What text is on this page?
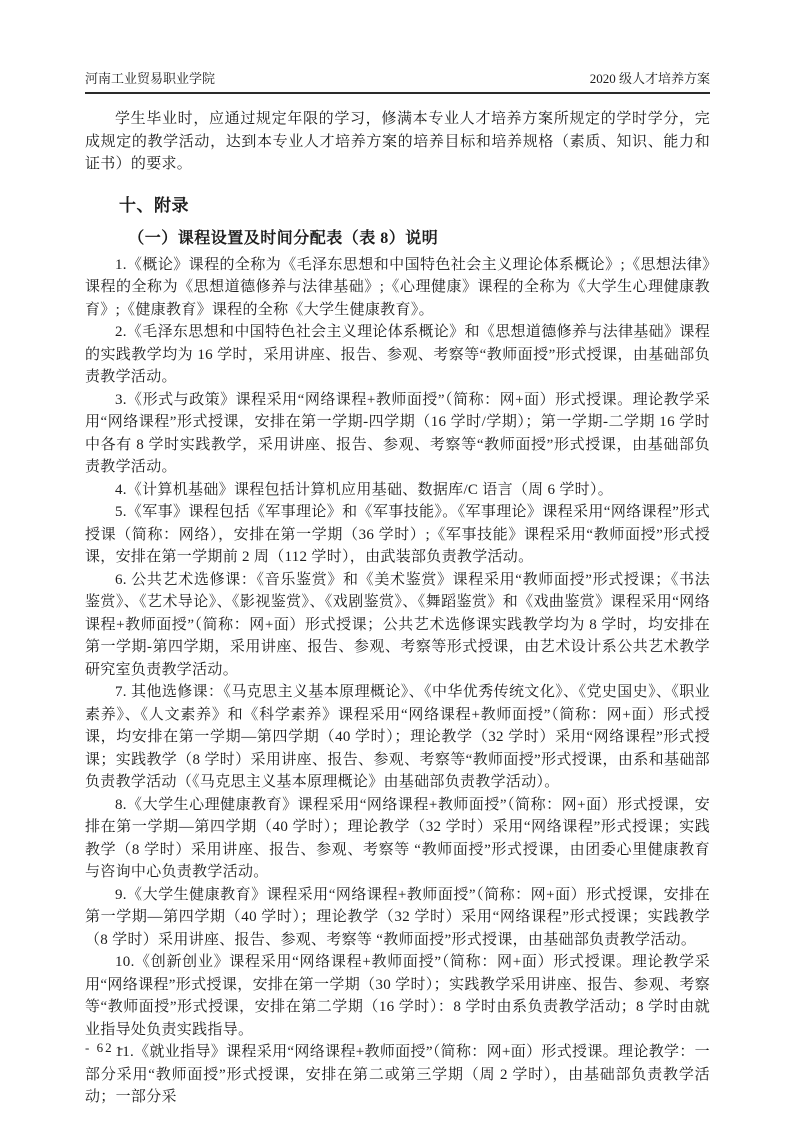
河南工业贸易职业学院	2020 级人才培养方案

学生毕业时，应通过规定年限的学习，修满本专业人才培养方案所规定的学时学分，完成规定的教学活动，达到本专业人才培养方案的培养目标和培养规格（素质、知识、能力和证书）的要求。

十、附录
（一）课程设置及时间分配表（表 8）说明

1.《概论》课程的全称为《毛泽东思想和中国特色社会主义理论体系概论》;《思想法律》课程的全称为《思想道德修养与法律基础》;《心理健康》课程的全称为《大学生心理健康教育》;《健康教育》课程的全称《大学生健康教育》。

2.《毛泽东思想和中国特色社会主义理论体系概论》和《思想道德修养与法律基础》课程的实践教学均为 16 学时，采用讲座、报告、参观、考察等“教师面授”形式授课，由基础部负责教学活动。

3.《形式与政策》课程采用“网络课程+教师面授”（简称：网+面）形式授课。理论教学采用“网络课程”形式授课，安排在第一学期-四学期（16 学时/学期）；第一学期-二学期 16 学时中各有 8 学时实践教学，采用讲座、报告、参观、考察等“教师面授”形式授课，由基础部负责教学活动。

4.《计算机基础》课程包括计算机应用基础、数据库/C 语言（周 6 学时）。

5.《军事》课程包括《军事理论》和《军事技能》。《军事理论》课程采用“网络课程”形式授课（简称：网络），安排在第一学期（36 学时）;《军事技能》课程采用“教师面授”形式授课，安排在第一学期前 2 周（112 学时），由武装部负责教学活动。

6. 公共艺术选修课：《音乐鉴赏》和《美术鉴赏》课程采用“教师面授”形式授课；《书法鉴赏》、《艺术导论》、《影视鉴赏》、《戏剧鉴赏》、《舞蹈鉴赏》和《戏曲鉴赏》课程采用“网络课程+教师面授”（简称：网+面）形式授课；公共艺术选修课实践教学均为 8 学时，均安排在第一学期-第四学期，采用讲座、报告、参观、考察等形式授课，由艺术设计系公共艺术教学研究室负责教学活动。

7. 其他选修课：《马克思主义基本原理概论》、《中华优秀传统文化》、《党史国史》、《职业素养》、《人文素养》和《科学素养》课程采用“网络课程+教师面授”（简称：网+面）形式授课，均安排在第一学期—第四学期（40 学时）；理论教学（32 学时）采用“网络课程”形式授课；实践教学（8 学时）采用讲座、报告、参观、考察等“教师面授”形式授课，由系和基础部负责教学活动（《马克思主义基本原理概论》由基础部负责教学活动）。

8.《大学生心理健康教育》课程采用“网络课程+教师面授”（简称：网+面）形式授课，安排在第一学期—第四学期（40 学时）；理论教学（32 学时）采用“网络课程”形式授课；实践教学（8 学时）采用讲座、报告、参观、考察等 “教师面授”形式授课，由团委心里健康教育与咨询中心负责教学活动。

9.《大学生健康教育》课程采用“网络课程+教师面授”（简称：网+面）形式授课，安排在第一学期—第四学期（40 学时）；理论教学（32 学时）采用“网络课程”形式授课；实践教学（8 学时）采用讲座、报告、参观、考察等 “教师面授”形式授课，由基础部负责教学活动。

10.《创新创业》课程采用“网络课程+教师面授”（简称：网+面）形式授课。理论教学采用“网络课程”形式授课，安排在第一学期（30 学时）；实践教学采用讲座、报告、参观、考察等“教师面授”形式授课，安排在第二学期（16 学时）：8 学时由系负责教学活动；8 学时由就业指导处负责实践指导。

11.《就业指导》课程采用“网络课程+教师面授”（简称：网+面）形式授课。理论教学：一部分采用“教师面授”形式授课，安排在第二或第三学期（周 2 学时），由基础部负责教学活动；一部分采

- 62 -
